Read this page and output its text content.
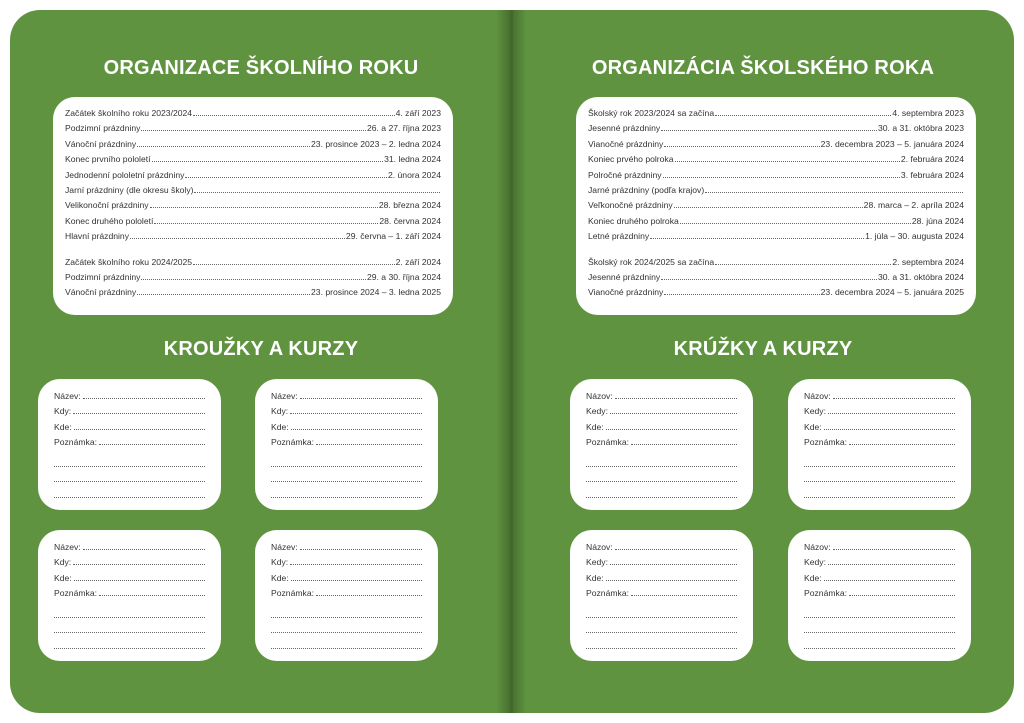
ORGANIZACE ŠKOLNÍHO ROKU
Začátek školního roku 2023/2024	4. září 2023
Podzimní prázdniny	26. a 27. října 2023
Vánoční prázdniny	23. prosince 2023 – 2. ledna 2024
Konec prvního pololetí	31. ledna 2024
Jednodenní pololetní prázdniny	2. února 2024
Jarní prázdniny (dle okresu školy)
Velikonoční prázdniny	28. března 2024
Konec druhého pololetí	28. června 2024
Hlavní prázdniny	29. června – 1. září 2024
Začátek školního roku 2024/2025	2. září 2024
Podzimní prázdniny	29. a 30. října 2024
Vánoční prázdniny	23. prosince 2024 – 3. ledna 2025
KROUŽKY A KURZY
Název:
Kdy:
Kde:
Poznámka:
Název:
Kdy:
Kde:
Poznámka:
Název:
Kdy:
Kde:
Poznámka:
Název:
Kdy:
Kde:
Poznámka:
ORGANIZÁCIA ŠKOLSKÉHO ROKA
Školský rok 2023/2024 sa začína	4. septembra 2023
Jesenné prázdniny	30. a 31. októbra 2023
Vianočné prázdniny	23. decembra 2023 – 5. januára 2024
Koniec prvého polroka	2. februára 2024
Polročné prázdniny	3. februára 2024
Jarné prázdniny (podľa krajov)
Veľkonočné prázdniny	28. marca – 2. apríla 2024
Koniec druhého polroka	28. júna 2024
Letné prázdniny	1. júla – 30. augusta 2024
Školský rok 2024/2025 sa začína	2. septembra 2024
Jesenné prázdniny	30. a 31. októbra 2024
Vianočné prázdniny	23. decembra 2024 – 5. januára 2025
KRÚŽKY A KURZY
Názov:
Kedy:
Kde:
Poznámka:
Názov:
Kedy:
Kde:
Poznámka:
Názov:
Kedy:
Kde:
Poznámka:
Názov:
Kedy:
Kde:
Poznámka:
